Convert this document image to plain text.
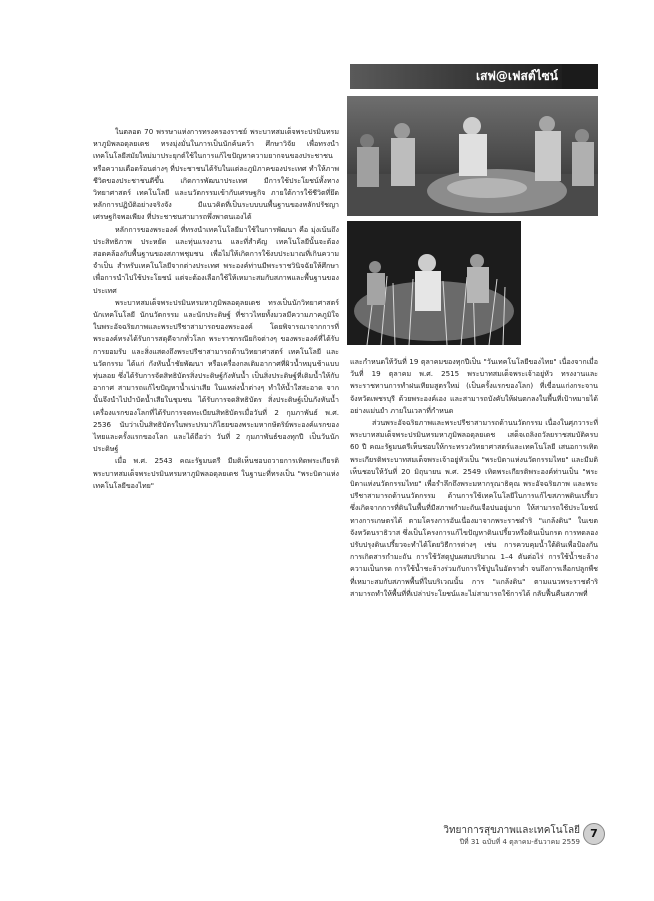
เสฟ@เฟสต์ไซน์

ในตลอด 70 พรรษาแห่งการทรงครองราชย์ พระบาทสมเด็จพระปรมินทรมหาภูมิพลอดุลยเดช ทรงมุ่งมั่นในการเป็นนักค้นคว้า ศึกษาวิจัย เพื่อทรงนำเทคโนโลยีสมัยใหม่มาประยุกต์ใช้ในการแก้ไขปัญหาความยากจนของประชาชน หรือความเดือดร้อนต่างๆ ที่ประชาชนได้รับในแต่ละภูมิภาคของประเทศ ทำให้ภาพชีวิตของประชาชนดีขึ้น เกิดการพัฒนาประเทศ มีการใช้ประโยชน์ทั้งทางวิทยาศาสตร์ เทคโนโลยี และนวัตกรรมเข้ากับเศรษฐกิจ ภายใต้การใช้ชีวิตที่ยึดหลักการปฏิบัติอย่างจริงจัง มีแนวคิดที่เป็นระบบบนพื้นฐานของหลักปรัชญาเศรษฐกิจพอเพียง ที่ประชาชนสามารถพึ่งพาตนเองได้

หลักการของพระองค์ ที่ทรงนำเทคโนโลยีมาใช้ในการพัฒนา คือ มุ่งเน้นถึงประสิทธิภาพ ประหยัด และทุ่นแรงงาน และที่สำคัญ เทคโนโลยีนั้นจะต้องสอดคล้องกับพื้นฐานของสภาพชุมชน เพื่อไม่ให้เกิดการใช้งบประมาณที่เกินความจำเป็น สำหรับเทคโนโลยีจากต่างประเทศ พระองค์ท่านมีพระราชวินิจฉัยให้ศึกษา เพื่อการนำไปใช้ประโยชน์ แต่จะต้องเลือกใช้ให้เหมาะสมกับสภาพและพื้นฐานของประเทศ

พระบาทสมเด็จพระปรมินทรมหาภูมิพลอดุลยเดช ทรงเป็นนักวิทยาศาสตร์ นักเทคโนโลยี นักนวัตกรรม และนักประดิษฐ์ ที่ชาวไทยทั้งมวลมีความภาคภูมิใจในพระอัจฉริยภาพและพระปรีชาสามารถของพระองค์ โดยพิจารณาจากการที่พระองค์ทรงได้รับการสดุดีจากทั่วโลก พระราชกรณียกิจต่างๆ ของพระองค์ที่ได้รับการยอมรับ และสิ่งแสดงถึงพระปรีชาสามารถด้านวิทยาศาสตร์ เทคโนโลยี และนวัตกรรม ได้แก่ กังหันน้ำชัยพัฒนา หรือเครื่องกลเติมอากาศที่ผิวน้ำหมุนช้าแบบทุ่นลอย ซึ่งได้รับการจัดสิทธิบัตรสิ่งประดิษฐ์กังหันน้ำ เป็นสิ่งประดิษฐ์ที่เติมน้ำให้กับอากาศ สามารถแก้ไขปัญหาน้ำเน่าเสีย ในแหล่งน้ำต่างๆ ทำให้น้ำใสสะอาด จากนั้นจึงนำไปบำบัดน้ำเสียในชุมชน ได้รับการจดสิทธิบัตร สิ่งประดิษฐ์เป็นกังหันน้ำเครื่องแรกของโลกที่ได้รับการจดทะเบียนสิทธิบัตรเมื่อวันที่ 2 กุมภาพันธ์ พ.ศ. 2536 นับว่าเป็นสิทธิบัตรในพระปรมาภิไธยของพระมหากษัตริย์พระองค์แรกของไทยและครั้งแรกของโลก และได้ถือว่า วันที่ 2 กุมภาพันธ์ของทุกปี เป็นวันนักประดิษฐ์

เมื่อ พ.ศ. 2543 คณะรัฐมนตรี มีมติเห็นชอบถวายการเทิดพระเกียรติพระบาทสมเด็จพระปรมินทรมหาภูมิพลอดุลยเดช ในฐานะที่ทรงเป็น "พระบิดาแห่งเทคโนโลยีของไทย"

และกำหนดให้วันที่ 19 ตุลาคมของทุกปีเป็น "วันเทคโนโลยีของไทย" เนื่องจากเมื่อวันที่ 19 ตุลาคม พ.ศ. 2515 พระบาทสมเด็จพระเจ้าอยู่หัว ทรงงานและพระราชทานการทำฝนเทียมสูตรใหม่ (เป็นครั้งแรกของโลก) ที่เขื่อนแก่งกระจาน จังหวัดเพชรบุรี ด้วยพระองค์เอง และสามารถบังคับให้ฝนตกลงในพื้นที่เป้าหมายได้อย่างแม่นยำ ภายในเวลาที่กำหนด

ส่วนพระอัจฉริยภาพและพระปรีชาสามารถด้านนวัตกรรม เนื่องในศุภวาระที่พระบาทสมเด็จพระปรมินทรมหาภูมิพลอดุลยเดช เสด็จเถลิงถวัลยราชสมบัติครบ 60 ปี คณะรัฐมนตรีเห็นชอบให้กระทรวงวิทยาศาสตร์และเทคโนโลยี เสนอการเทิดพระเกียรติพระบาทสมเด็จพระเจ้าอยู่หัวเป็น "พระบิดาแห่งนวัตกรรมไทย" และมีมติเห็นชอบให้วันที่ 20 มิถุนายน พ.ศ. 2549 เทิดพระเกียรติพระองค์ท่านเป็น "พระบิดาแห่งนวัตกรรมไทย" เพื่อรำลึกถึงพระมหากรุณาธิคุณ พระอัจฉริยภาพ และพระปรีชาสามารถด้านนวัตกรรม ด้านการใช้เทคโนโลยีในการแก้ไขสภาพดินเปรี้ยว ซึ่งเกิดจากการที่ดินในพื้นที่มีสภาพกำมะถันเจือปนอยู่มาก ให้สามารถใช้ประโยชน์ทางการเกษตรได้ ตามโครงการอันเนื่องมาจากพระราชดำริ "แกล้งดิน" ในเขตจังหวัดนราธิวาส ซึ่งเป็นโครงการแก้ไขปัญหาดินเปรี้ยวหรือดินเป็นกรด การทดลองปรับปรุงดินเปรี้ยวจะทำได้โดยวิธีการต่างๆ เช่น การควบคุมน้ำใต้ดินเพื่อป้องกันการเกิดสารกำมะถัน การใช้วัสดุปูนผสมปริมาณ 1–4 ตันต่อไร่ การใช้น้ำชะล้างความเป็นกรด การใช้น้ำชะล้างร่วมกับการใช้ปูนในอัตราต่ำ จนถึงการเลือกปลูกพืชที่เหมาะสมกับสภาพพื้นที่ในบริเวณนั้น การ "แกล้งดิน" ตามแนวพระราชดำริสามารถทำให้พื้นที่ที่เปล่าประโยชน์และไม่สามารถใช้การได้ กลับฟื้นคืนสภาพที่

วิทยาการสุขภาพและเทคโนโลยี
ปีที่ 31 ฉบับที่ 4 ตุลาคม-ธันวาคม 2559
7
